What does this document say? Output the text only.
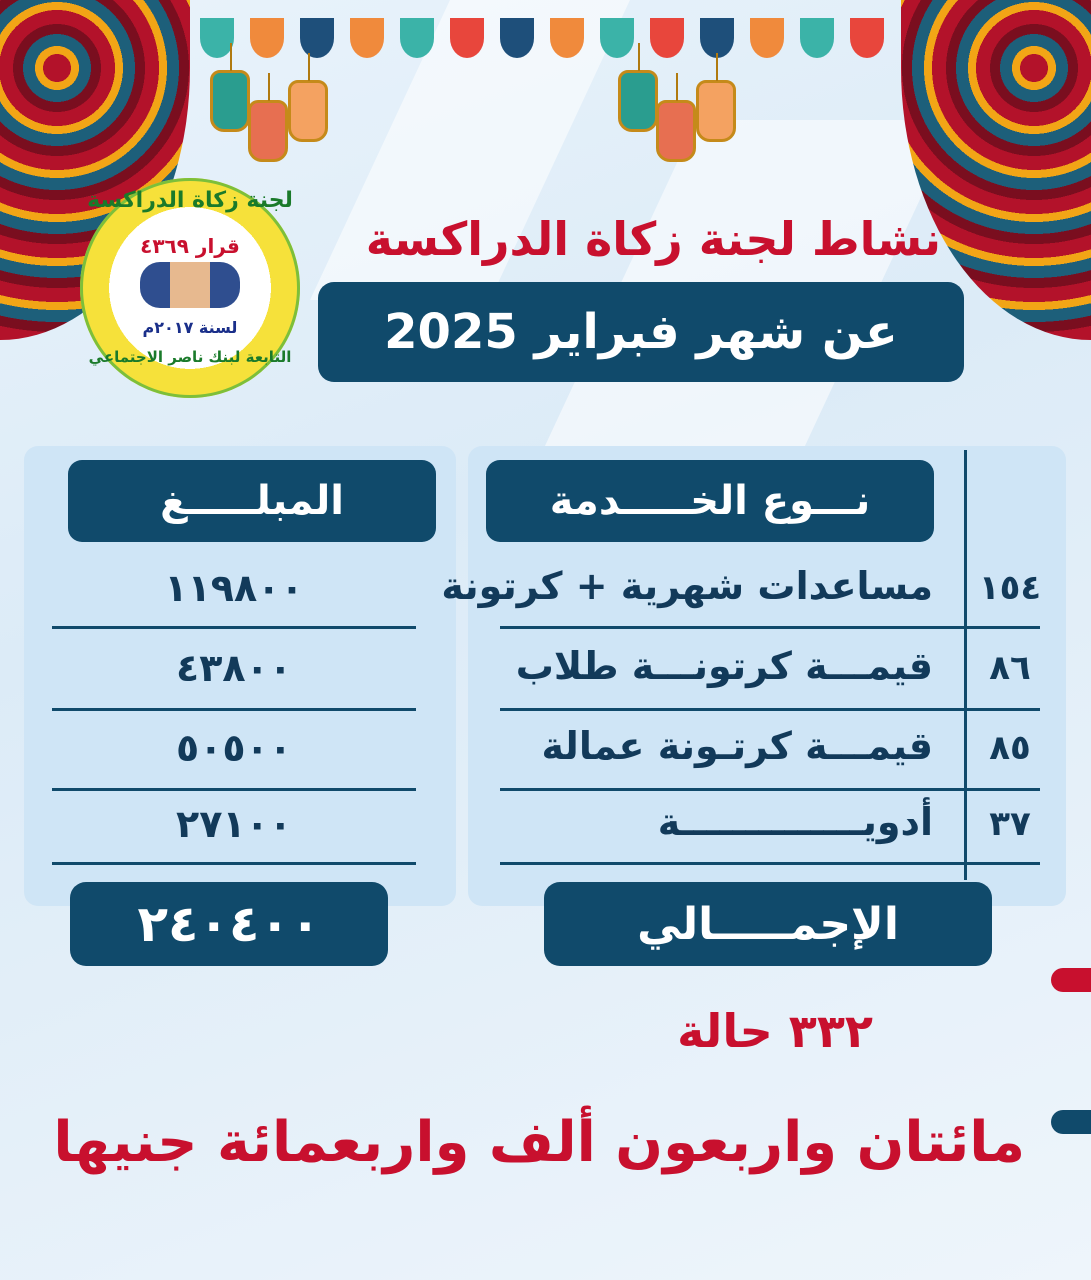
لجنة زكاة الدراكسة
قرار ٤٣٦٩
لسنة ٢٠١٧م
التابعة لبنك ناصر الاجتماعي
نشاط لجنة زكاة الدراكسة
عن شهر فبراير 2025
المبلـــــغ	نـــوع الخـــــدمة
١١٩٨٠٠	مساعدات شهرية + كرتونة ١٥٤
٤٣٨٠٠	قيمـــة كرتونـــة طلاب	٨٦
٥٠٥٠٠	قيمـــة كرتـونة عمالة	٨٥
٢٧١٠٠	أدويــــــــــــــة	٣٧
٢٤٠٤٠٠	الإجمـــــالي
٣٣٢ حالة
مائتان واربعون ألف واربعمائة جنيها
